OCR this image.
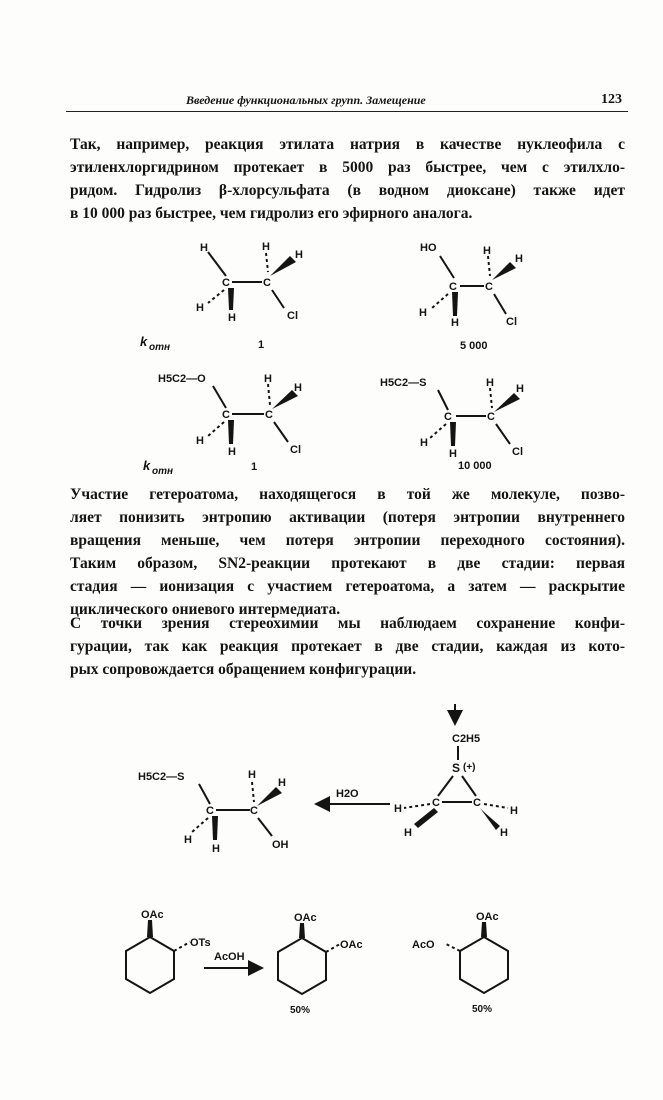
Введение функциональных групп. Замещение	123
Так, например, реакция этилата натрия в качестве нуклеофила с
этиленхлоргидрином протекает в 5000 раз быстрее, чем с этилхло-
ридом. Гидролиз β-хлорсульфата (в водном диоксане) также идет
в 10 000 раз быстрее, чем гидролиз его эфирного аналога.
Участие гетероатома, находящегося в той же молекуле, позво-
ляет понизить энтропию активации (потеря энтропии внутреннего
вращения меньше, чем потеря энтропии переходного состояния).
Таким образом, SN2-реакции протекают в две стадии: первая
стадия — ионизация с участием гетероатома, а затем — раскрытие
циклического ониевого интермедиата.
С точки зрения стереохимии мы наблюдаем сохранение конфи-
гурации, так как реакция протекает в две стадии, каждая из кото-
рых сопровождается обращением конфигурации.
H	H
H
C	C
H
H	Cl
HO	H
H
C	C
H
H	Cl
k отн	1	5 000
H5C2—O	H
H
C	C
H
H	Cl
H5C2—S	H H
C	C
H
H	Cl
k отн	1	10 000
H5C2—S	H
H
C	C
H
H	OH
H2O
C2H5
S (+)
C	C
H	H
H	H
OAc
OTs
AcOH
OAc
OAc
50%
OAc
AcO
50%
